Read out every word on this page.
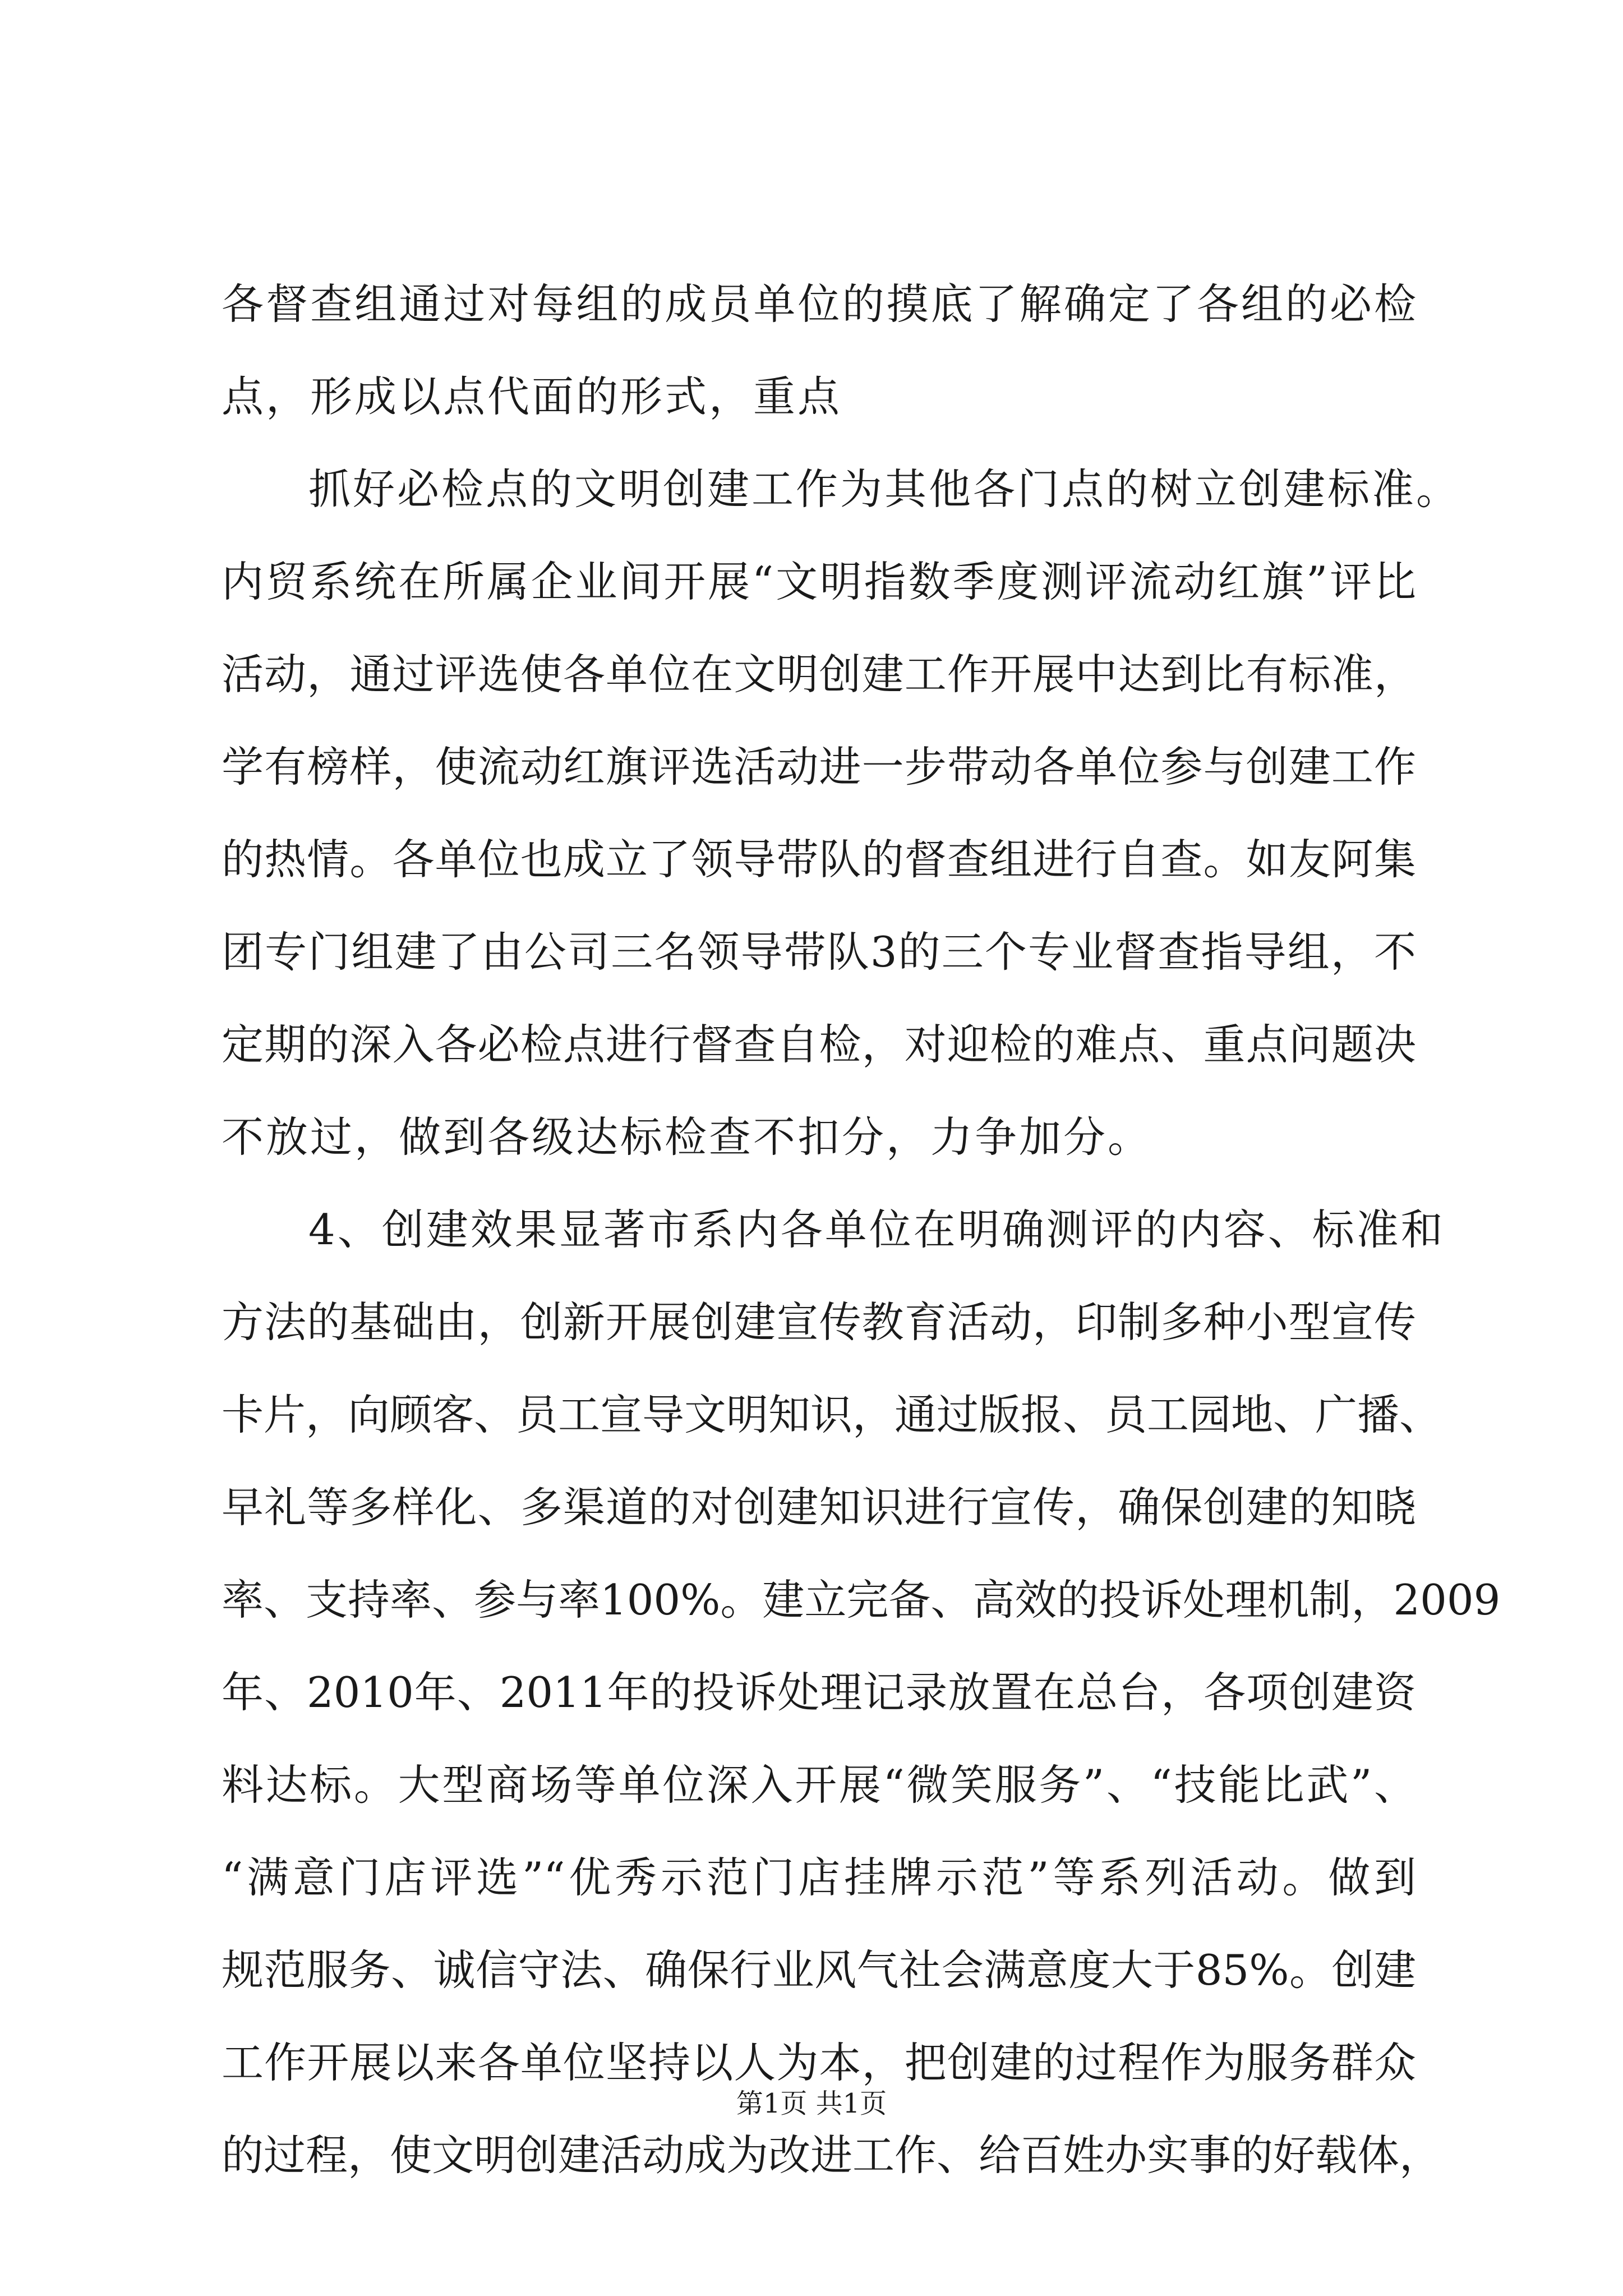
各督查组通过对每组的成员单位的摸底了解确定了各组的必检
点，形成以点代面的形式，重点
抓好必检点的文明创建工作为其他各门点的树立创建标准。
内贸系统在所属企业间开展“文明指数季度测评流动红旗”评比
活动，通过评选使各单位在文明创建工作开展中达到比有标准，
学有榜样，使流动红旗评选活动进一步带动各单位参与创建工作
的热情。各单位也成立了领导带队的督查组进行自查。如友阿集
团专门组建了由公司三名领导带队3的三个专业督查指导组，不
定期的深入各必检点进行督查自检，对迎检的难点、重点问题决
不放过，做到各级达标检查不扣分，力争加分。
4、创建效果显著市系内各单位在明确测评的内容、标准和
方法的基础由，创新开展创建宣传教育活动，印制多种小型宣传
卡片，向顾客、员工宣导文明知识，通过版报、员工园地、广播、
早礼等多样化、多渠道的对创建知识进行宣传，确保创建的知晓
率、支持率、参与率100%。建立完备、高效的投诉处理机制，2009
年、2010年、2011年的投诉处理记录放置在总台，各项创建资
料达标。大型商场等单位深入开展“微笑服务”、“技能比武”、
“满意门店评选”“优秀示范门店挂牌示范”等系列活动。做到
规范服务、诚信守法、确保行业风气社会满意度大于85%。创建
工作开展以来各单位坚持以人为本，把创建的过程作为服务群众
的过程，使文明创建活动成为改进工作、给百姓办实事的好载体，
第1页 共1页
